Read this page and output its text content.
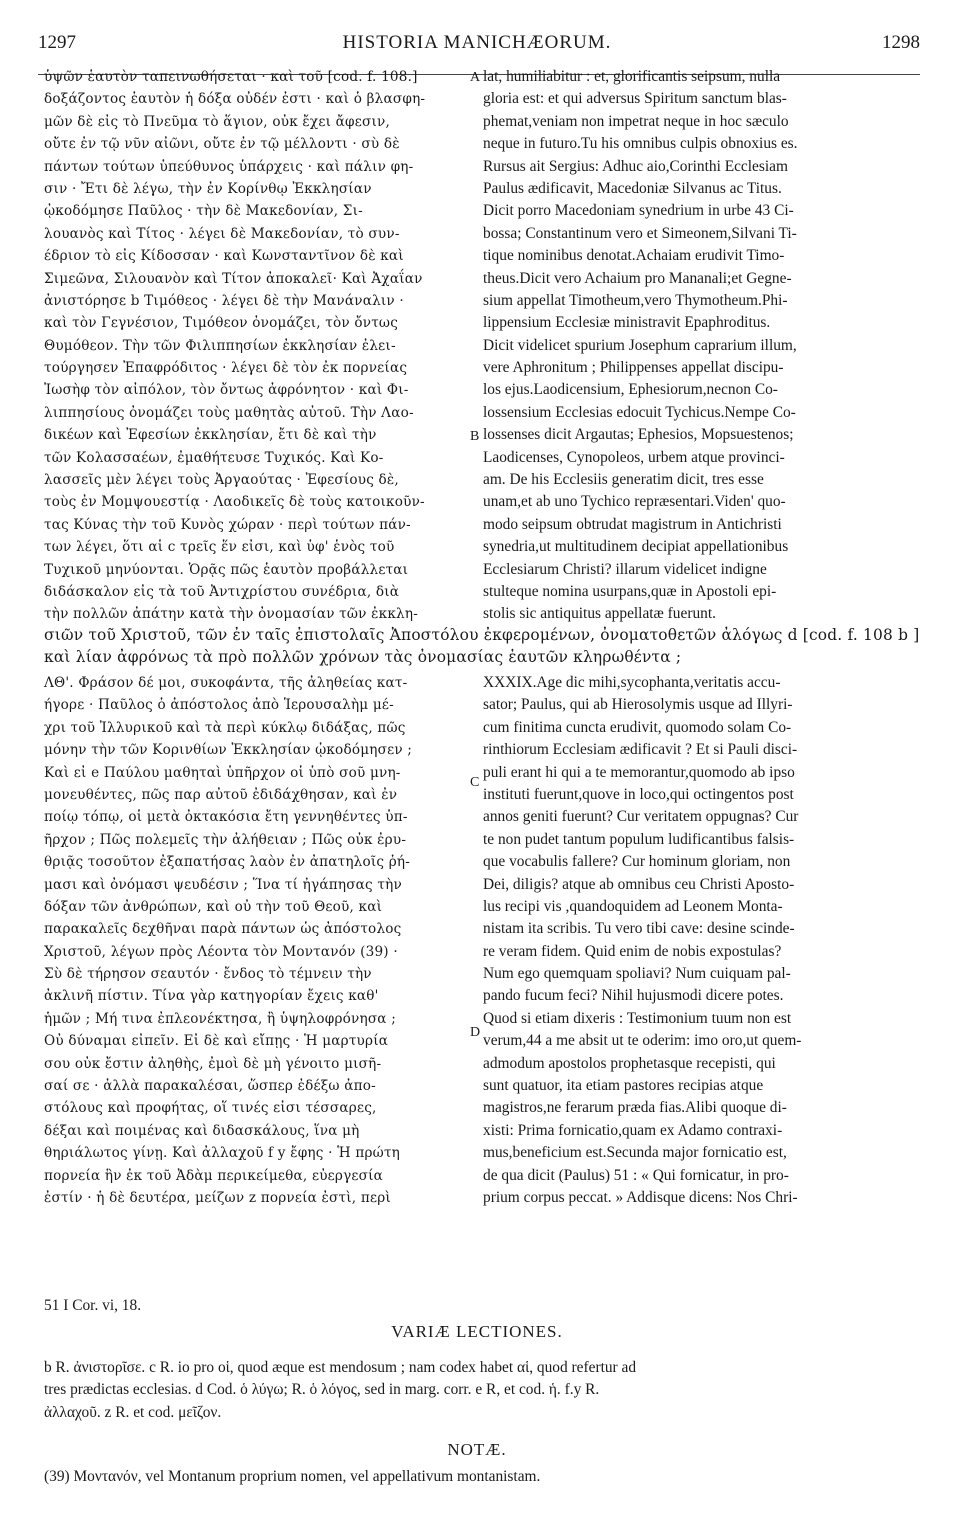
1297	HISTORIA MANICHÆORUM.	1298
ὑψῶν ἑαυτὸν ταπεινωθήσεται · καὶ τοῦ [cod. f. 108.]
δοξάζοντος ἑαυτὸν ἡ δόξα οὐδέν ἐστι · καὶ ὁ βλασφη-
μῶν δὲ εἰς τὸ Πνεῦμα τὸ ἅγιον, οὐκ ἔχει ἄφεσιν,
οὔτε ἐν τῷ νῦν αἰῶνι, οὔτε ἐν τῷ μέλλοντι · σὺ δὲ
πάντων τούτων ὑπεύθυνος ὑπάρχεις · καὶ πάλιν φη-
σιν · Ἔτι δὲ λέγω, τὴν ἐν Κορίνθῳ Ἐκκλησίαν
ᾠκοδόμησε Παῦλος · τὴν δὲ Μακεδονίαν, Σι-
λουανὸς καὶ Τίτος · λέγει δὲ Μακεδονίαν, τὸ συν-
έδριον τὸ εἰς Κίδοσσαν · καὶ Κωνσταντῖνον δὲ καὶ
Σιμεῶνα, Σιλουανὸν καὶ Τίτον ἀποκαλεῖ· Καὶ Ἀχαΐαν
ἀνιστόρησε b Τιμόθεος · λέγει δὲ τὴν Μανάναλιν ·
καὶ τὸν Γεγνέσιον, Τιμόθεον ὀνομάζει, τὸν ὄντως
Θυμόθεον. Τὴν τῶν Φιλιππησίων ἐκκλησίαν ἐλει-
τούργησεν Ἐπαφρόδιτος · λέγει δὲ τὸν ἐκ πορνείας
Ἰωσὴφ τὸν αἰπόλον, τὸν ὄντως ἀφρόνητον · καὶ Φι-
λιππησίους ὀνομάζει τοὺς μαθητὰς αὐτοῦ. Τὴν Λαο-
δικέων καὶ Ἐφεσίων ἐκκλησίαν, ἔτι δὲ καὶ τὴν
τῶν Κολασσαέων, ἐμαθήτευσε Τυχικός. Καὶ Κο-
λασσεῖς μὲν λέγει τοὺς Ἀργαούτας · Ἐφεσίους δὲ,
τοὺς ἐν Μομψουεστίᾳ · Λαοδικεῖς δὲ τοὺς κατοικοῦν-
τας Κύνας τὴν τοῦ Κυνὸς χώραν · περὶ τούτων πάν-
των λέγει, ὅτι αἱ c τρεῖς ἕν εἰσι, καὶ ὑφ' ἑνὸς τοῦ
Τυχικοῦ μηνύονται. Ὁρᾷς πῶς ἑαυτὸν προβάλλεται
διδάσκαλον εἰς τὰ τοῦ Ἀντιχρίστου συνέδρια, διὰ
τὴν πολλῶν ἀπάτην κατὰ τὴν ὀνομασίαν τῶν ἐκκλη-
lat, humiliabitur : et, glorificantis seipsum, nulla
gloria est: et qui adversus Spiritum sanctum blas-
phemat,veniam non impetrat neque in hoc sæculo
neque in futuro.Tu his omnibus culpis obnoxius es.
Rursus ait Sergius: Adhuc aio,Corinthi Ecclesiam
Paulus ædificavit, Macedoniæ Silvanus ac Titus.
Dicit porro Macedoniam synedrium in urbe 43 Ci-
bossa; Constantinum vero et Simeonem,Silvani Ti-
tique nominibus denotat.Achaiam erudivit Timo-
theus.Dicit vero Achaium pro Mananali;et Gegne-
sium appellat Timotheum,vero Thymotheum.Phi-
lippensium Ecclesiæ ministravit Epaphroditus.
Dicit videlicet spurium Josephum caprarium illum,
vere Aphronitum ; Philippenses appellat discipu-
los ejus.Laodicensium, Ephesiorum,necnon Co-
lossensium Ecclesias edocuit Tychicus.Nempe Co-
lossenses dicit Argautas; Ephesios, Mopsuestenos;
Laodicenses, Cynopoleos, urbem atque provinci-
am. De his Ecclesiis generatim dicit, tres esse
unam,et ab uno Tychico repræsentari.Viden' quo-
modo seipsum obtrudat magistrum in Antichristi
synedria,ut multitudinem decipiat appellationibus
Ecclesiarum Christi? illarum videlicet indigne
stulteque nomina usurpans,quæ in Apostoli epi-
stolis sic antiquitus appellatæ fuerunt.
A
B
C
D
σιῶν τοῦ Χριστοῦ, τῶν ἐν ταῖς ἐπιστολαῖς Ἀποστόλου ἐκφερομένων, ὀνοματοθετῶν ἀλόγως d [cod. f. 108 b ]
καὶ λίαν ἀφρόνως τὰ πρὸ πολλῶν χρόνων τὰς ὀνομασίας ἑαυτῶν κληρωθέντα ;
ΛΘ'. Φράσον δέ μοι, συκοφάντα, τῆς ἀληθείας κατ-
ήγορε · Παῦλος ὁ ἀπόστολος ἀπὸ Ἱερουσαλὴμ μέ-
χρι τοῦ Ἰλλυρικοῦ καὶ τὰ περὶ κύκλῳ διδάξας, πῶς
μόνην τὴν τῶν Κορινθίων Ἐκκλησίαν ᾠκοδόμησεν ;
Καὶ εἰ e Παύλου μαθηταὶ ὑπῆρχον οἱ ὑπὸ σοῦ μνη-
μονευθέντες, πῶς παρ αὐτοῦ ἐδιδάχθησαν, καὶ ἐν
ποίῳ τόπῳ, οἱ μετὰ ὀκτακόσια ἔτη γεννηθέντες ὑπ-
ῆρχον ; Πῶς πολεμεῖς τὴν ἀλήθειαν ; Πῶς οὐκ ἐρυ-
θριᾷς τοσοῦτον ἐξαπατήσας λαὸν ἐν ἀπατηλοῖς ῥή-
μασι καὶ ὀνόμασι ψευδέσιν ; Ἵνα τί ἠγάπησας τὴν
δόξαν τῶν ἀνθρώπων, καὶ οὐ τὴν τοῦ Θεοῦ, καὶ
παρακαλεῖς δεχθῆναι παρὰ πάντων ὡς ἀπόστολος
Χριστοῦ, λέγων πρὸς Λέοντα τὸν Μοντανόν (39) ·
Σὺ δὲ τήρησον σεαυτόν · ἔνδος τὸ τέμνειν τὴν
ἀκλινῆ πίστιν. Τίνα γὰρ κατηγορίαν ἔχεις καθ'
ἡμῶν ; Μή τινα ἐπλεονέκτησα, ἢ ὑψηλοφρόνησα ;
Οὐ δύναμαι εἰπεῖν. Εἰ δὲ καὶ εἴπῃς · Ἡ μαρτυρία
σου οὐκ ἔστιν ἀληθὴς, ἐμοὶ δὲ μὴ γένοιτο μισῆ-
σαί σε · ἀλλὰ παρακαλέσαι, ὥσπερ ἐδέξω ἀπο-
στόλους καὶ προφήτας, οἵ τινές εἰσι τέσσαρες,
δέξαι καὶ ποιμένας καὶ διδασκάλους, ἵνα μὴ
θηριάλωτος γίνῃ. Καὶ ἀλλαχοῦ f y ἔφης · Ἡ πρώτη
πορνεία ἣν ἐκ τοῦ Ἀδὰμ περικείμεθα, εὐεργεσία
ἐστίν · ἡ δὲ δευτέρα, μείζων z πορνεία ἐστὶ, περὶ
XXXIX.Age dic mihi,sycophanta,veritatis accu-
sator; Paulus, qui ab Hierosolymis usque ad Illyri-
cum finitima cuncta erudivit, quomodo solam Co-
rinthiorum Ecclesiam ædificavit ? Et si Pauli disci-
puli erant hi qui a te memorantur,quomodo ab ipso
instituti fuerunt,quove in loco,qui octingentos post
annos geniti fuerunt? Cur veritatem oppugnas? Cur
te non pudet tantum populum ludificantibus falsis-
que vocabulis fallere? Cur hominum gloriam, non
Dei, diligis? atque ab omnibus ceu Christi Aposto-
lus recipi vis ,quandoquidem ad Leonem Monta-
nistam ita scribis. Tu vero tibi cave: desine scinde-
re veram fidem. Quid enim de nobis expostulas?
Num ego quemquam spoliavi? Num cuiquam pal-
pando fucum feci? Nihil hujusmodi dicere potes.
Quod si etiam dixeris : Testimonium tuum non est
verum,44 a me absit ut te oderim: imo oro,ut quem-
admodum apostolos prophetasque recepisti, qui
sunt quatuor, ita etiam pastores recipias atque
magistros,ne ferarum præda fias.Alibi quoque di-
xisti: Prima fornicatio,quam ex Adamo contraxi-
mus,beneficium est.Secunda major fornicatio est,
de qua dicit (Paulus) 51 : « Qui fornicatur, in pro-
prium corpus peccat. » Addisque dicens: Nos Chri-
51 I Cor. vi, 18.
VARIÆ LECTIONES.
b R. ἀνιστορῖσε. c R. io pro οἱ, quod æque est mendosum ; nam codex habet αἱ, quod refertur ad
tres prædictas ecclesias. d Cod. ὁ λύγω; R. ὁ λόγος, sed in marg. corr. e R, et cod. ἡ. f.y R.
ἀλλαχοῦ. z R. et cod. μεῖζον.
NOTÆ.
(39) Μοντανόν, vel Montanum proprium nomen, vel appellativum montanistam.
